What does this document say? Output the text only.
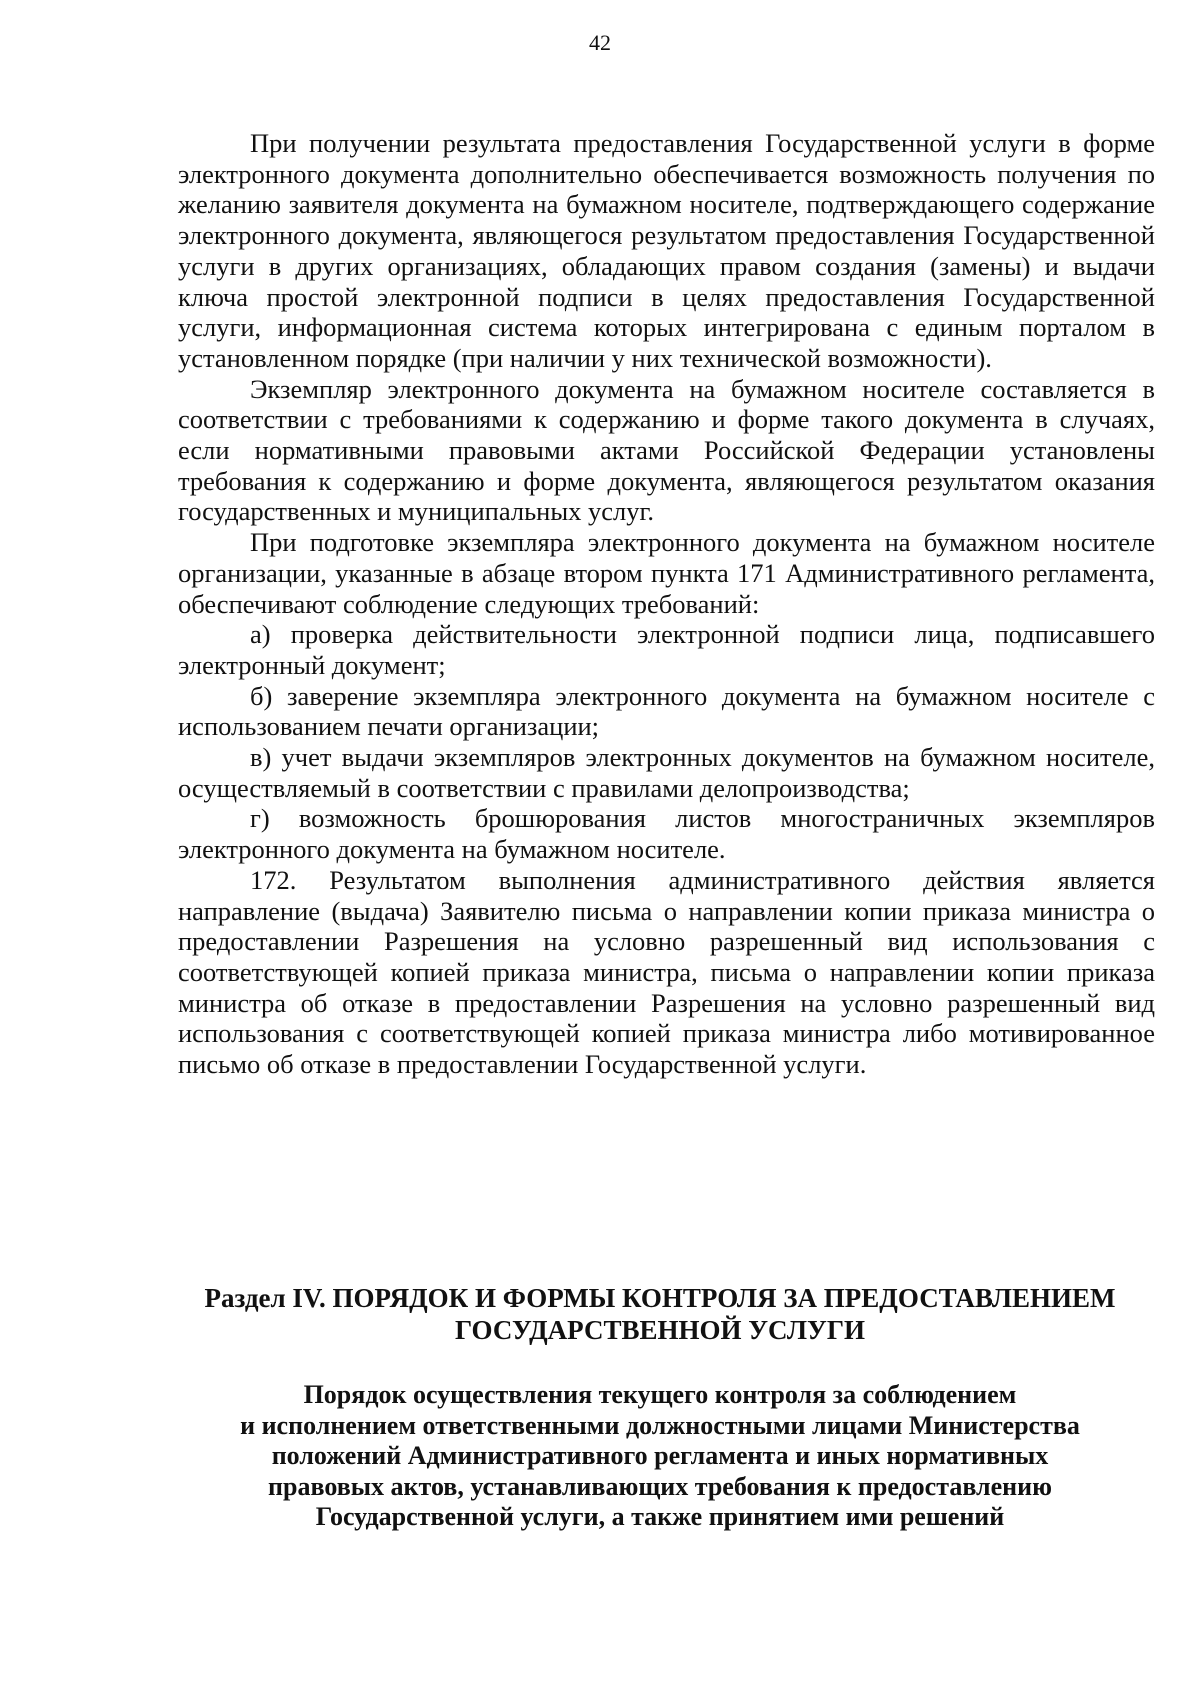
42

При получении результата предоставления Государственной услуги в форме электронного документа дополнительно обеспечивается возможность получения по желанию заявителя документа на бумажном носителе, подтверждающего содержание электронного документа, являющегося результатом предоставления Государственной услуги в других организациях, обладающих правом создания (замены) и выдачи ключа простой электронной подписи в целях предоставления Государственной услуги, информационная система которых интегрирована с единым порталом в установленном порядке (при наличии у них технической возможности).

Экземпляр электронного документа на бумажном носителе составляется в соответствии с требованиями к содержанию и форме такого документа в случаях, если нормативными правовыми актами Российской Федерации установлены требования к содержанию и форме документа, являющегося результатом оказания государственных и муниципальных услуг.

При подготовке экземпляра электронного документа на бумажном носителе организации, указанные в абзаце втором пункта 171 Административного регламента, обеспечивают соблюдение следующих требований:

а) проверка действительности электронной подписи лица, подписавшего электронный документ;

б) заверение экземпляра электронного документа на бумажном носителе с использованием печати организации;

в) учет выдачи экземпляров электронных документов на бумажном носителе, осуществляемый в соответствии с правилами делопроизводства;

г) возможность брошюрования листов многостраничных экземпляров электронного документа на бумажном носителе.

172. Результатом выполнения административного действия является направление (выдача) Заявителю письма о направлении копии приказа министра о предоставлении Разрешения на условно разрешенный вид использования с соответствующей копией приказа министра, письма о направлении копии приказа министра об отказе в предоставлении Разрешения на условно разрешенный вид использования с соответствующей копией приказа министра либо мотивированное письмо об отказе в предоставлении Государственной услуги.

Раздел IV. ПОРЯДОК И ФОРМЫ КОНТРОЛЯ ЗА ПРЕДОСТАВЛЕНИЕМ
ГОСУДАРСТВЕННОЙ УСЛУГИ
Порядок осуществления текущего контроля за соблюдением
и исполнением ответственными должностными лицами Министерства
положений Административного регламента и иных нормативных
правовых актов, устанавливающих требования к предоставлению
Государственной услуги, а также принятием ими решений
